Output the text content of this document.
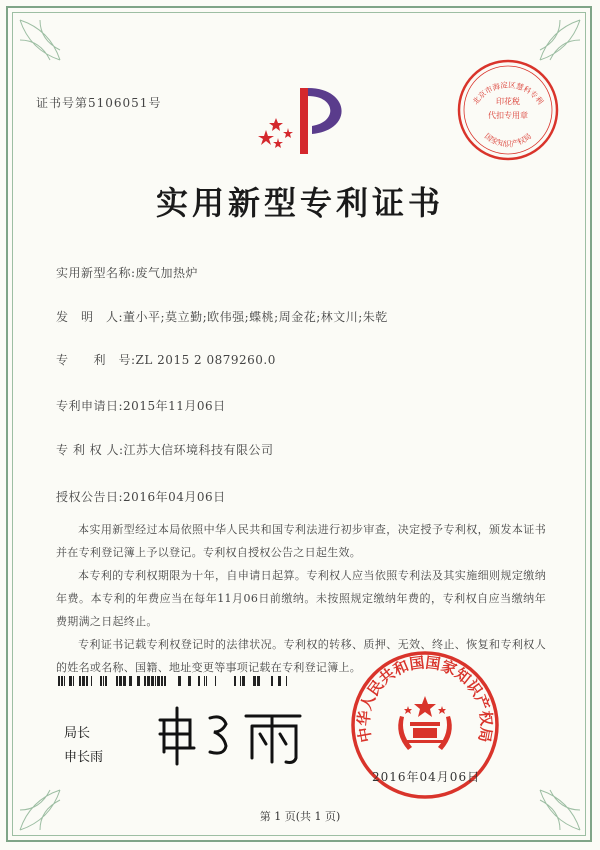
证书号第5106051号
实用新型专利证书
实用新型名称:废气加热炉
发　明　人:董小平;莫立勤;欧伟强;蝶桃;周金花;林文川;朱乾
专　　利　号:ZL 2015 2 0879260.0
专利申请日:2015年11月06日
专 利 权 人:江苏大信环境科技有限公司
授权公告日:2016年04月06日

本实用新型经过本局依照中华人民共和国专利法进行初步审查，决定授予专利权，颁发本证书并在专利登记簿上予以登记。专利权自授权公告之日起生效。

本专利的专利权期限为十年，自申请日起算。专利权人应当依照专利法及其实施细则规定缴纳年费。本专利的年费应当在每年11月06日前缴纳。未按照规定缴纳年费的，专利权自应当缴纳年费期满之日起终止。

专利证书记载专利权登记时的法律状况。专利权的转移、质押、无效、终止、恢复和专利权人的姓名或名称、国籍、地址变更等事项记载在专利登记簿上。

局长
申长雨
北京市海淀区慧科专利
印花税
代扣专用章
国家知识产权局
中华人民共和国国家知识产权局
2016年04月06日
第 1 页(共 1 页)
